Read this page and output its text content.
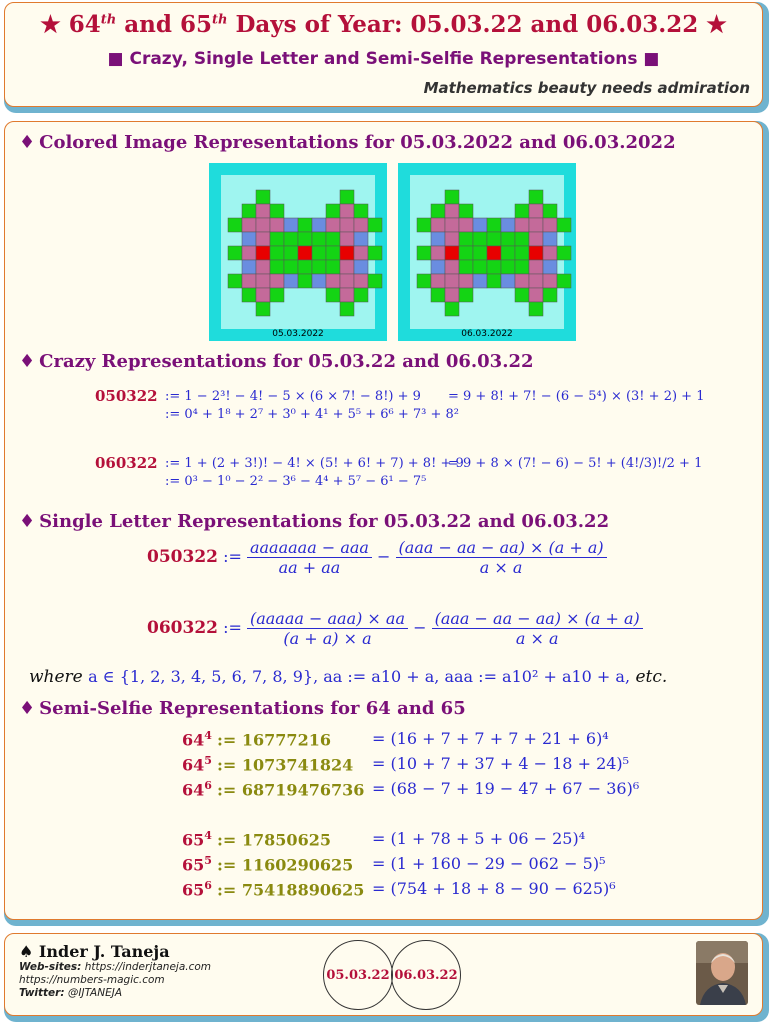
★ 64th and 65th Days of Year: 05.03.22 and 06.03.22 ★
■ Crazy, Single Letter and Semi-Selfie Representations ■
Mathematics beauty needs admiration
♦ Colored Image Representations for 05.03.2022 and 06.03.2022
05.03.2022	06.03.2022
♦ Crazy Representations for 05.03.22 and 06.03.22
050322 := 1 − 2³! − 4! − 5 × (6 × 7! − 8!) + 9 = 9 + 8! + 7! − (6 − 5⁴) × (3! + 2) + 1
:= 0⁴ + 1⁸ + 2⁷ + 3⁰ + 4¹ + 5⁵ + 6⁶ + 7³ + 8²
060322 := 1 + (2 + 3!)! − 4! × (5! + 6! + 7) + 8! + 9
= 9 + 8 × (7! − 6) − 5! + (4!/3)!/2 + 1
:= 0³ − 1⁰ − 2² − 3⁶ − 4⁴ + 5⁷ − 6¹ − 7⁵
♦ Single Letter Representations for 05.03.22 and 06.03.22
050322 := $\frac{\text{aaaaaaa − aaa}}{aa + aa} - \frac{\text{(aaa − aa − aa) × (a + a)}}{a \times a}$
060322 := $\frac{\text{(aaaaa − aaa) × aa}}{(a + a) \times a} - \frac{\text{(aaa − aa − aa) × (a + a)}}{a \times a}$
where a ∈ {1, 2, 3, 4, 5, 6, 7, 8, 9}, aa := a10 + a, aaa := a10² + a10 + a, etc.
♦ Semi-Selfie Representations for 64 and 65
$64^4$ := 16777216	= (16 + 7 + 7 + 7 + 21 + 6)⁴
$64^5$ := 1073741824 = (10 + 7 + 37 + 4 − 18 + 24)⁵
$64^6$ := 68719476736 = (68 − 7 + 19 − 47 + 67 − 36)⁶
$65^4$ := 17850625	= (1 + 78 + 5 + 06 − 25)⁴
$65^5$ := 1160290625 = (1 + 160 − 29 − 062 − 5)⁵
$65^6$ := 75418890625 = (754 + 18 + 8 − 90 − 625)⁶
♠ Inder J. Taneja
Web-sites: https://inderjtaneja.com
https://numbers-magic.com
Twitter: @IJTANEJA
05.03.22 06.03.22
